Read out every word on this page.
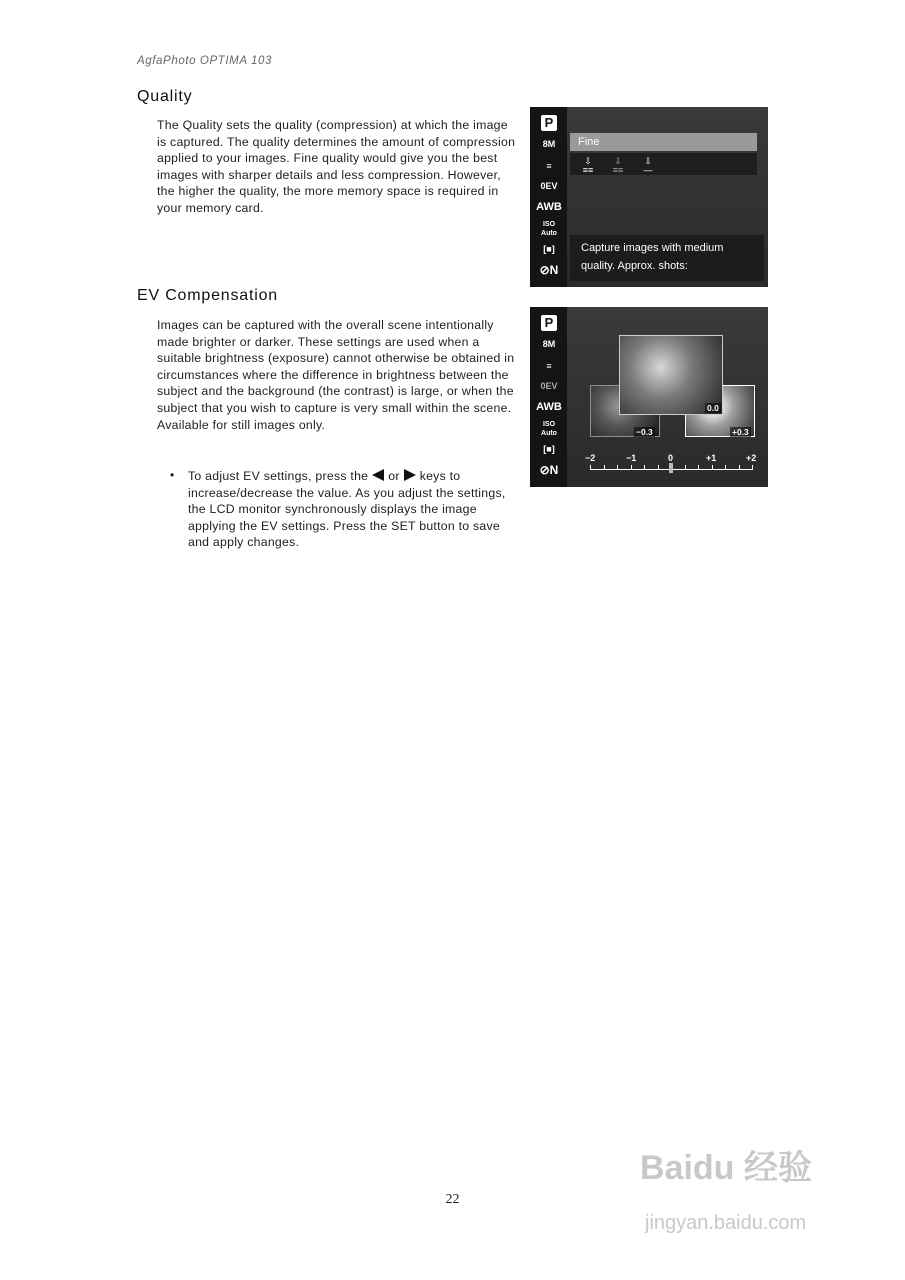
AgfaPhoto OPTIMA 103
Quality
The Quality sets the quality (compression) at which the image is captured. The quality determines the amount of compression applied to your images. Fine quality would give you the best images with sharper details and less compression. However, the higher the quality, the more memory space is required in your memory card.
P
8M
≡
0EV
AWB
ISO Auto
[■]
⊘N
Fine
⇩
≡≡
⇩
≡≡
⇩
—
Capture images with medium quality. Approx. shots:
EV Compensation
Images can be captured with the overall scene intentionally made brighter or darker. These settings are used when a suitable brightness (exposure) cannot otherwise be obtained in circumstances where the difference in brightness between the subject and the background (the contrast) is large, or when the subject that you wish to capture is very small within the scene. Available for still images only.
• To adjust EV settings, press the or keys to increase/decrease the value. As you adjust the settings, the LCD monitor synchronously displays the image applying the EV settings. Press the SET button to save and apply changes.
P
8M
≡
0EV
AWB
ISO Auto
[■]
⊘N
0.0
−0.3	+0.3
−2	−1	0	+1	+2
22
Baidu 经验
jingyan.baidu.com
